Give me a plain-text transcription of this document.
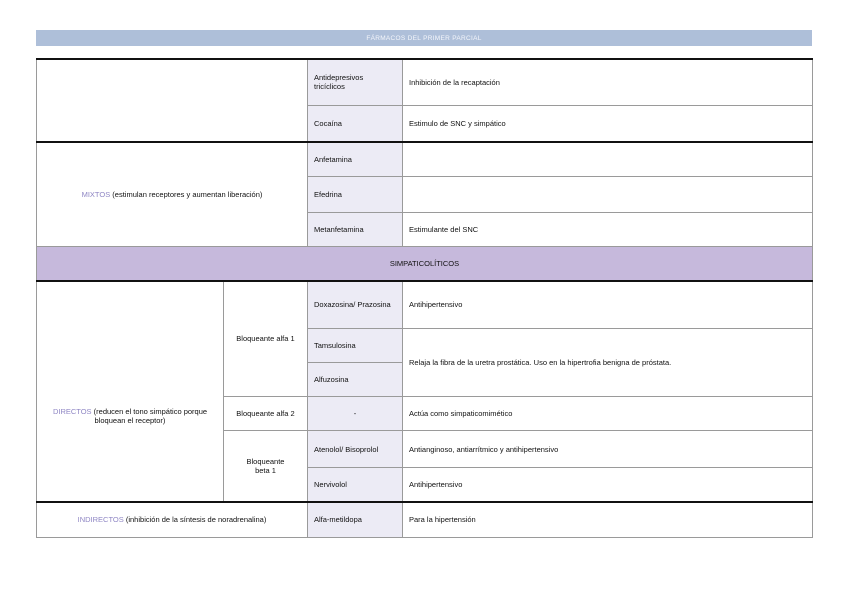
FÁRMACOS DEL PRIMER PARCIAL
		Antidepresivos tricíclicos	Inhibición de la recaptación
		Cocaína	Estimulo de SNC y simpático
MIXTOS (estimulan receptores y aumentan liberación)		Anfetamina	
		Efedrina	
		Metanfetamina	Estimulante del SNC
SIMPATICOLÍTICOS			
DIRECTOS (reducen el tono simpático porque bloquean el receptor)	Bloqueante alfa 1	Doxazosina/ Prazosina	Antihipertensivo
		Tamsulosina	Relaja la fibra de la uretra prostática. Uso en la hipertrofia benigna de próstata.
		Alfuzosina	
	Bloqueante alfa 2	-	Actúa como simpaticomimético
	Bloqueante beta 1	Atenolol/ Bisoprolol	Antianginoso, antiarrítmico y antihipertensivo
		Nervivolol	Antihipertensivo
INDIRECTOS (inhibición de la síntesis de noradrenalina)		Alfa-metildopa	Para la hipertensión
